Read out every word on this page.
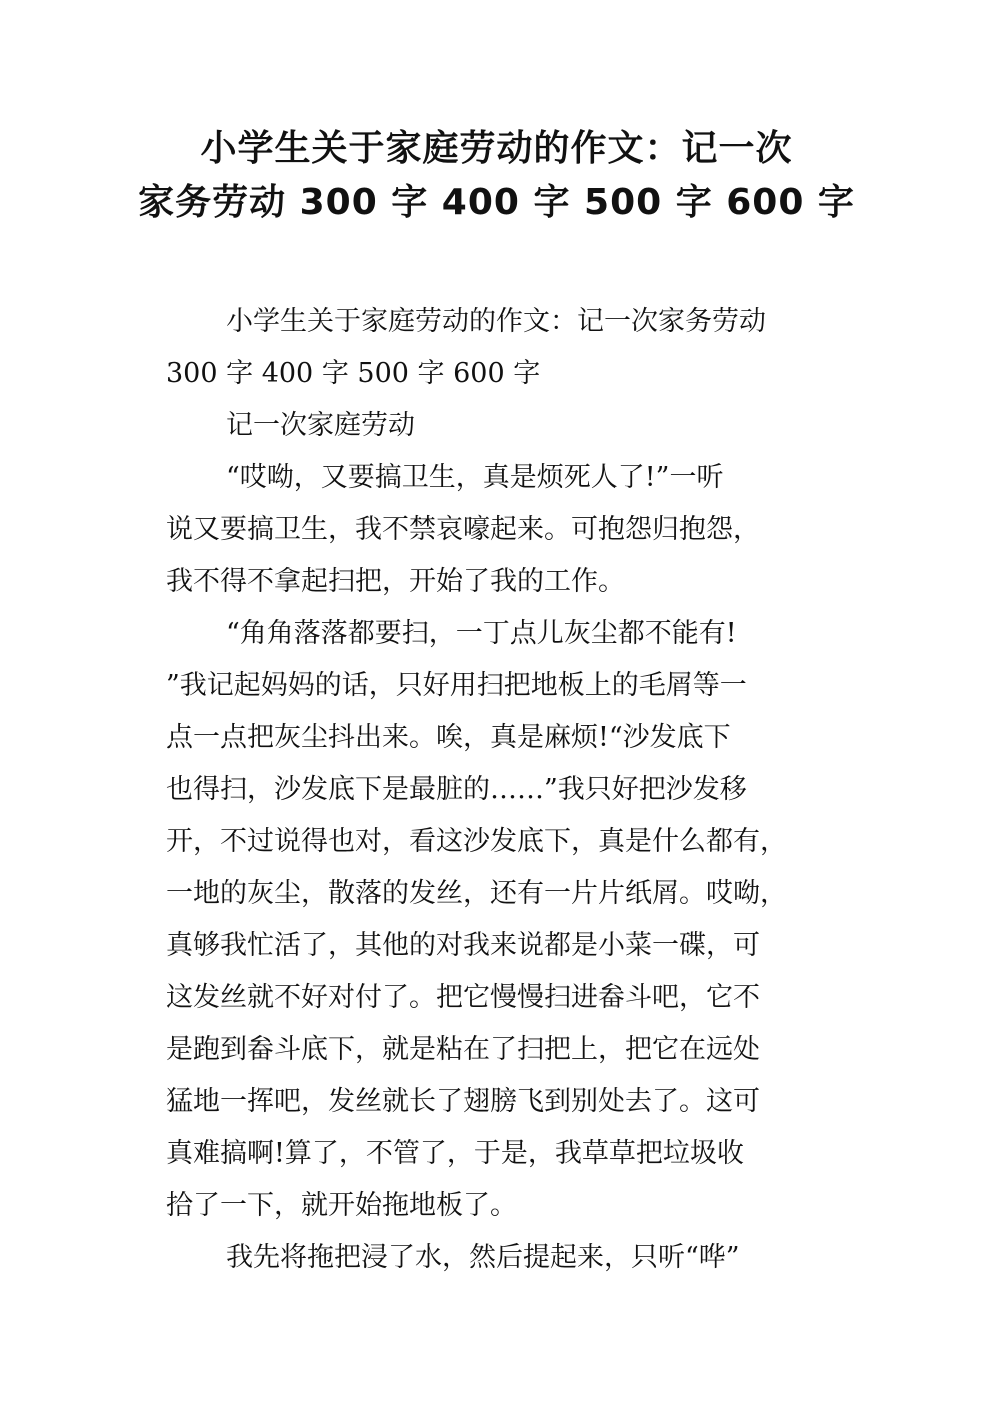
小学生关于家庭劳动的作文：记一次
家务劳动 300 字 400 字 500 字 600 字
小学生关于家庭劳动的作文：记一次家务劳动
300 字 400 字 500 字 600 字
记一次家庭劳动
“哎呦，又要搞卫生，真是烦死人了!”一听
说又要搞卫生，我不禁哀嚎起来。可抱怨归抱怨，
我不得不拿起扫把，开始了我的工作。
“角角落落都要扫，一丁点儿灰尘都不能有!
”我记起妈妈的话，只好用扫把地板上的毛屑等一
点一点把灰尘抖出来。唉，真是麻烦!“沙发底下
也得扫，沙发底下是最脏的……”我只好把沙发移
开，不过说得也对，看这沙发底下，真是什么都有，
一地的灰尘，散落的发丝，还有一片片纸屑。哎呦，
真够我忙活了，其他的对我来说都是小菜一碟，可
这发丝就不好对付了。把它慢慢扫进畚斗吧，它不
是跑到畚斗底下，就是粘在了扫把上，把它在远处
猛地一挥吧，发丝就长了翅膀飞到别处去了。这可
真难搞啊!算了，不管了，于是，我草草把垃圾收
拾了一下，就开始拖地板了。
我先将拖把浸了水，然后提起来，只听“哗”
